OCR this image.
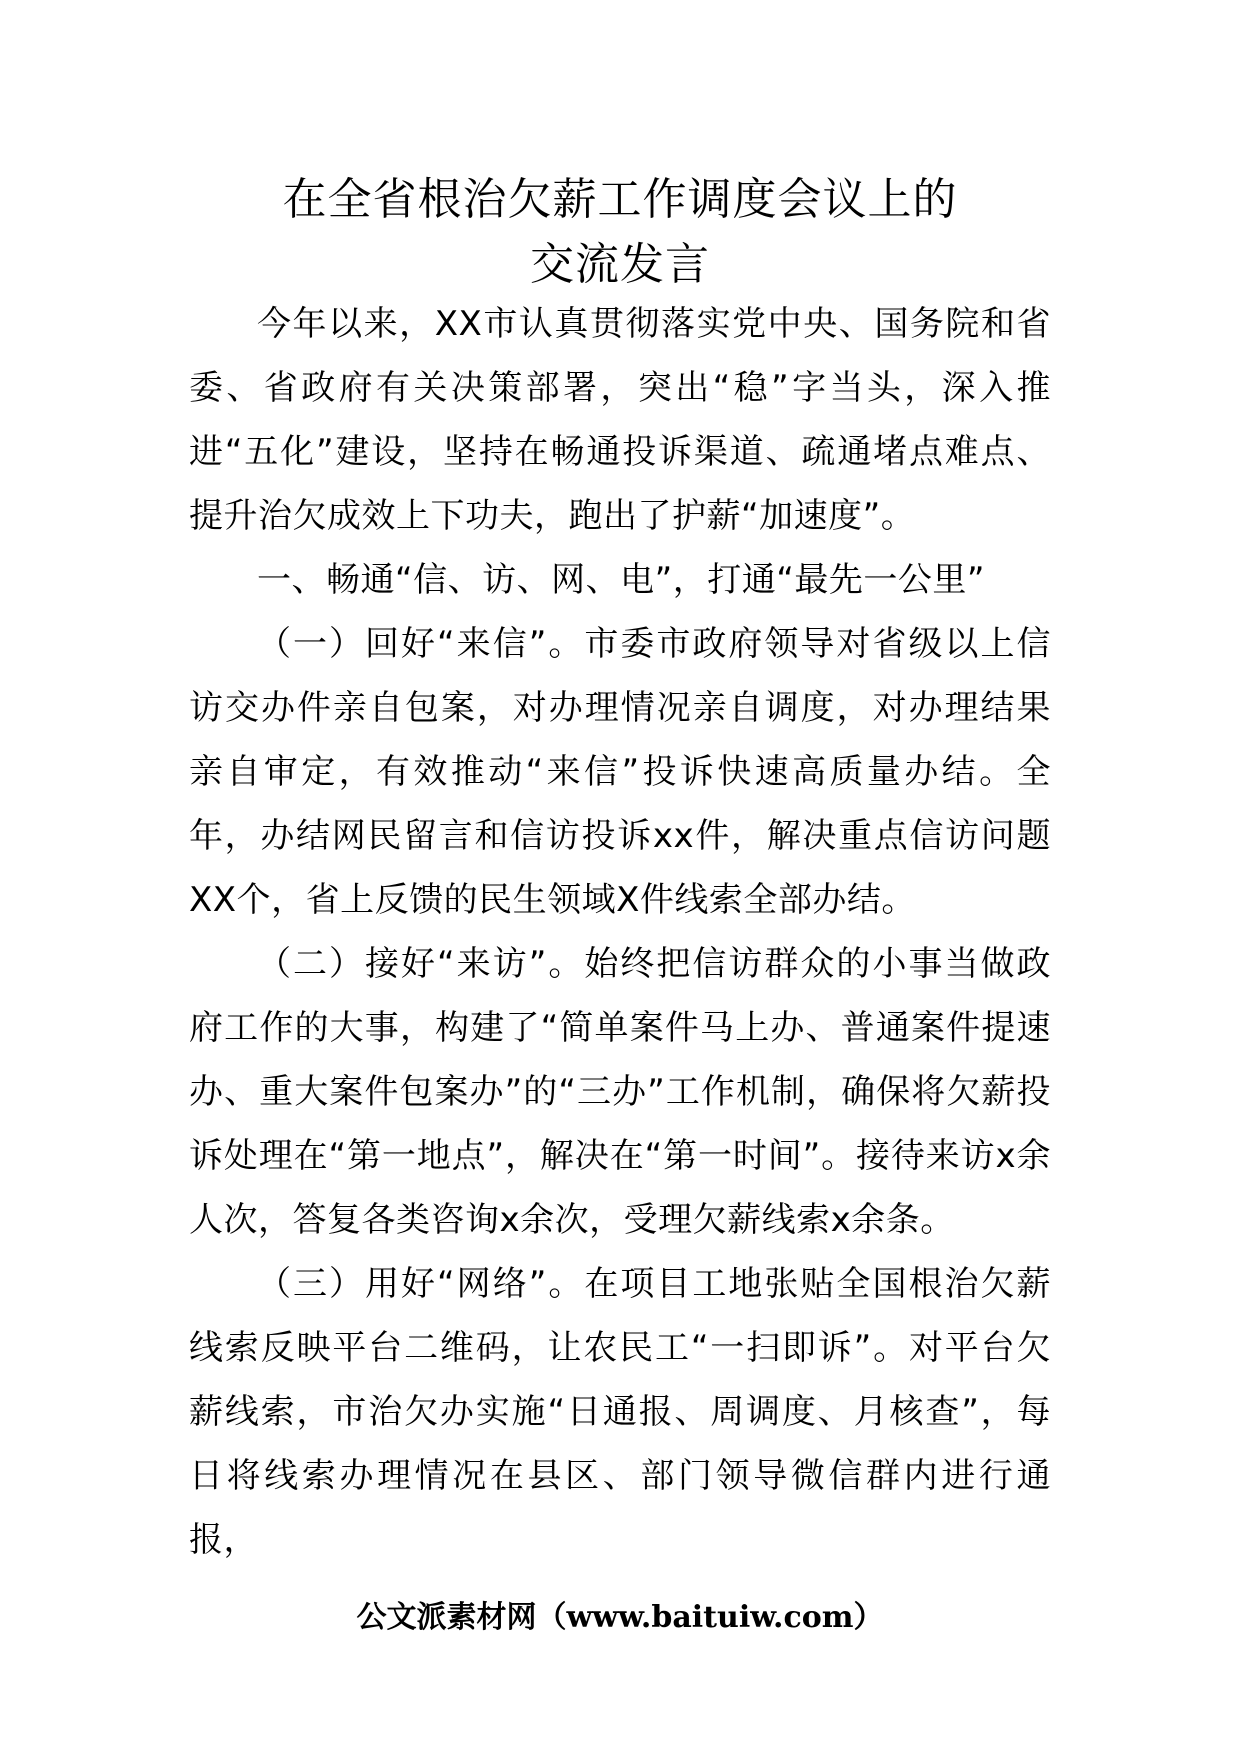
在全省根治欠薪工作调度会议上的
交流发言

今年以来，XX市认真贯彻落实党中央、国务院和省委、省政府有关决策部署，突出“稳”字当头，深入推进“五化”建设，坚持在畅通投诉渠道、疏通堵点难点、提升治欠成效上下功夫，跑出了护薪“加速度”。

一、畅通“信、访、网、电”，打通“最先一公里”

（一）回好“来信”。市委市政府领导对省级以上信访交办件亲自包案，对办理情况亲自调度，对办理结果亲自审定，有效推动“来信”投诉快速高质量办结。全年，办结网民留言和信访投诉xx件，解决重点信访问题XX个，省上反馈的民生领域X件线索全部办结。

（二）接好“来访”。始终把信访群众的小事当做政府工作的大事，构建了“简单案件马上办、普通案件提速办、重大案件包案办”的“三办”工作机制，确保将欠薪投诉处理在“第一地点”，解决在“第一时间”。接待来访x余人次，答复各类咨询x余次，受理欠薪线索x余条。

（三）用好“网络”。在项目工地张贴全国根治欠薪线索反映平台二维码，让农民工“一扫即诉”。对平台欠薪线索，市治欠办实施“日通报、周调度、月核查”，每日将线索办理情况在县区、部门领导微信群内进行通报，

公文派素材网（www.baituiw.com）
